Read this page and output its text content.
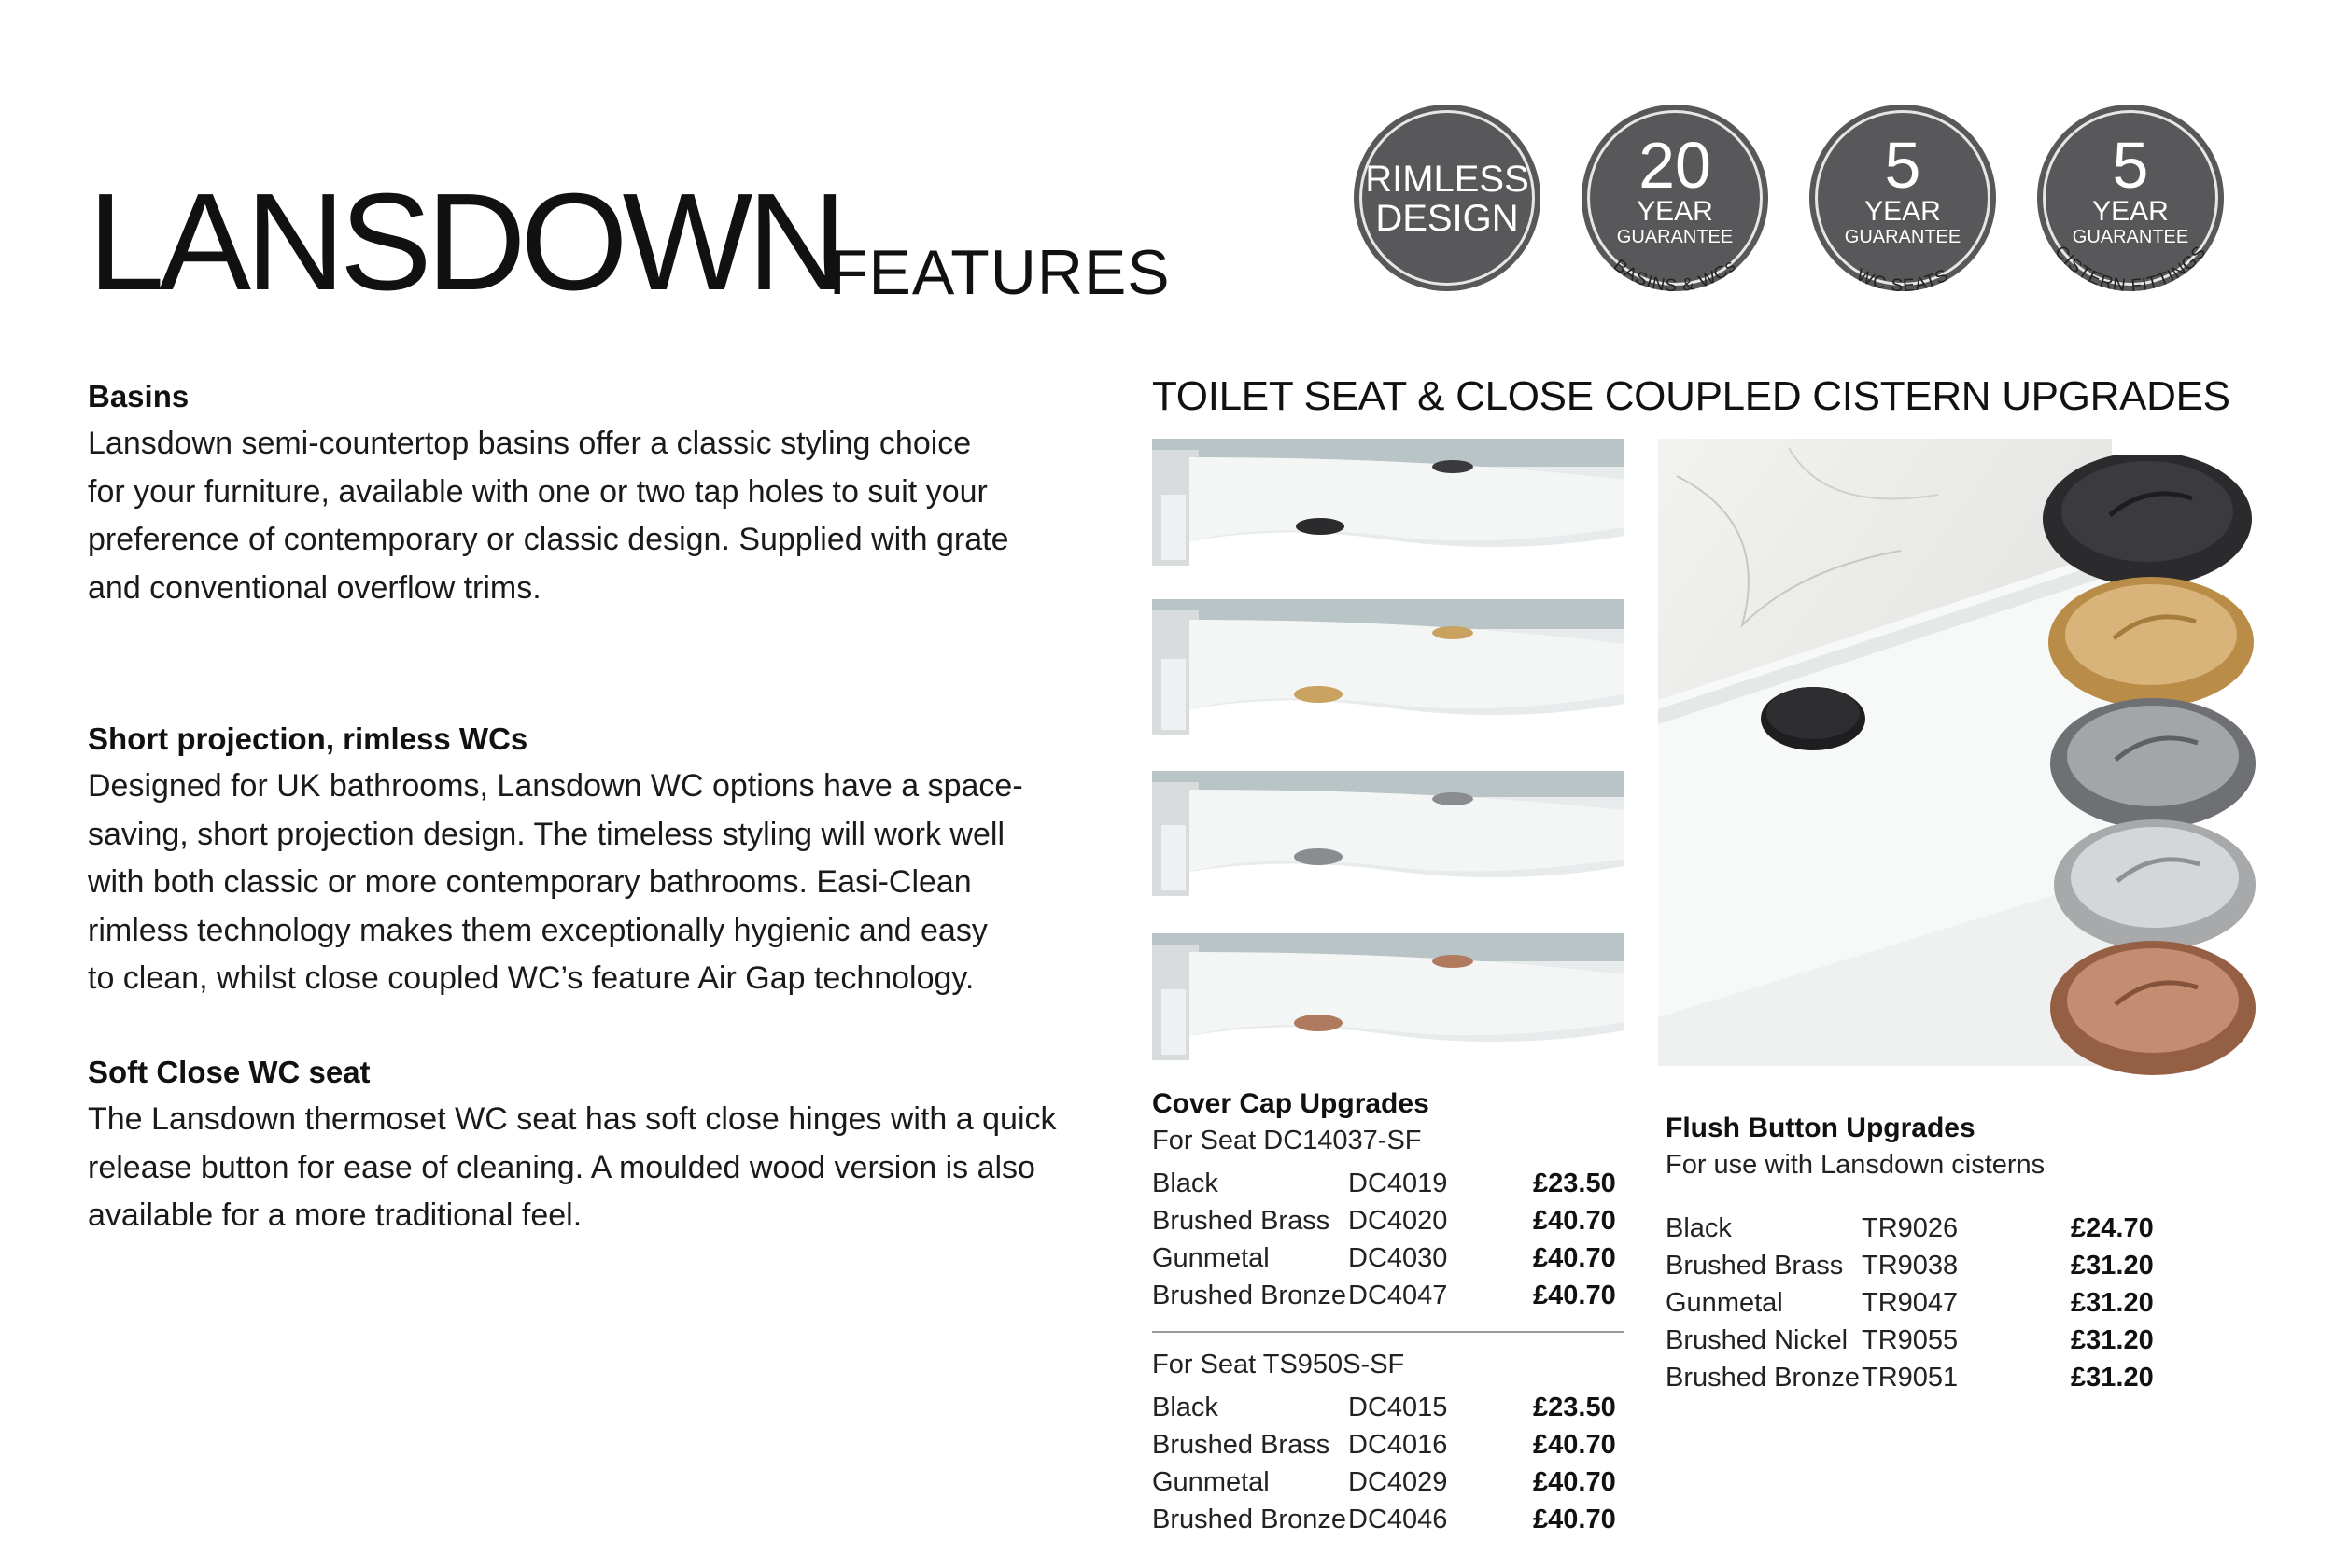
LANSDOWN
FEATURES
RIMLESS
DESIGN
20
YEAR
GUARANTEE
BASINS & WCs
5
YEAR
GUARANTEE
WC SEATS
5
YEAR
GUARANTEE
CISTERN FITTINGS
Basins
Lansdown semi-countertop basins offer a classic styling choice
for your furniture, available with one or two tap holes to suit your
preference of contemporary or classic design. Supplied with grate
and conventional overflow trims.
Short projection, rimless WCs
Designed for UK bathrooms, Lansdown WC options have a space-
saving, short projection design. The timeless styling will work well
with both classic or more contemporary bathrooms. Easi-Clean
rimless technology makes them exceptionally hygienic and easy
to clean, whilst close coupled WC’s feature Air Gap technology.
Soft Close WC seat
The Lansdown thermoset WC seat has soft close hinges with a quick
release button for ease of cleaning. A moulded wood version is also
available for a more traditional feel.
TOILET SEAT & CLOSE COUPLED CISTERN UPGRADES
Cover Cap Upgrades
For Seat DC14037-SF
Black	DC4019	£23.50
Brushed Brass DC4020	£40.70
Gunmetal	DC4030	£40.70
Brushed Bronze DC4047	£40.70
For Seat TS950S-SF
Black	DC4015	£23.50
Brushed Brass DC4016	£40.70
Gunmetal	DC4029	£40.70
Brushed Bronze DC4046	£40.70
Flush Button Upgrades
For use with Lansdown cisterns
Black	TR9026	£24.70
Brushed Brass TR9038	£31.20
Gunmetal	TR9047	£31.20
Brushed Nickel TR9055	£31.20
Brushed Bronze TR9051	£31.20
